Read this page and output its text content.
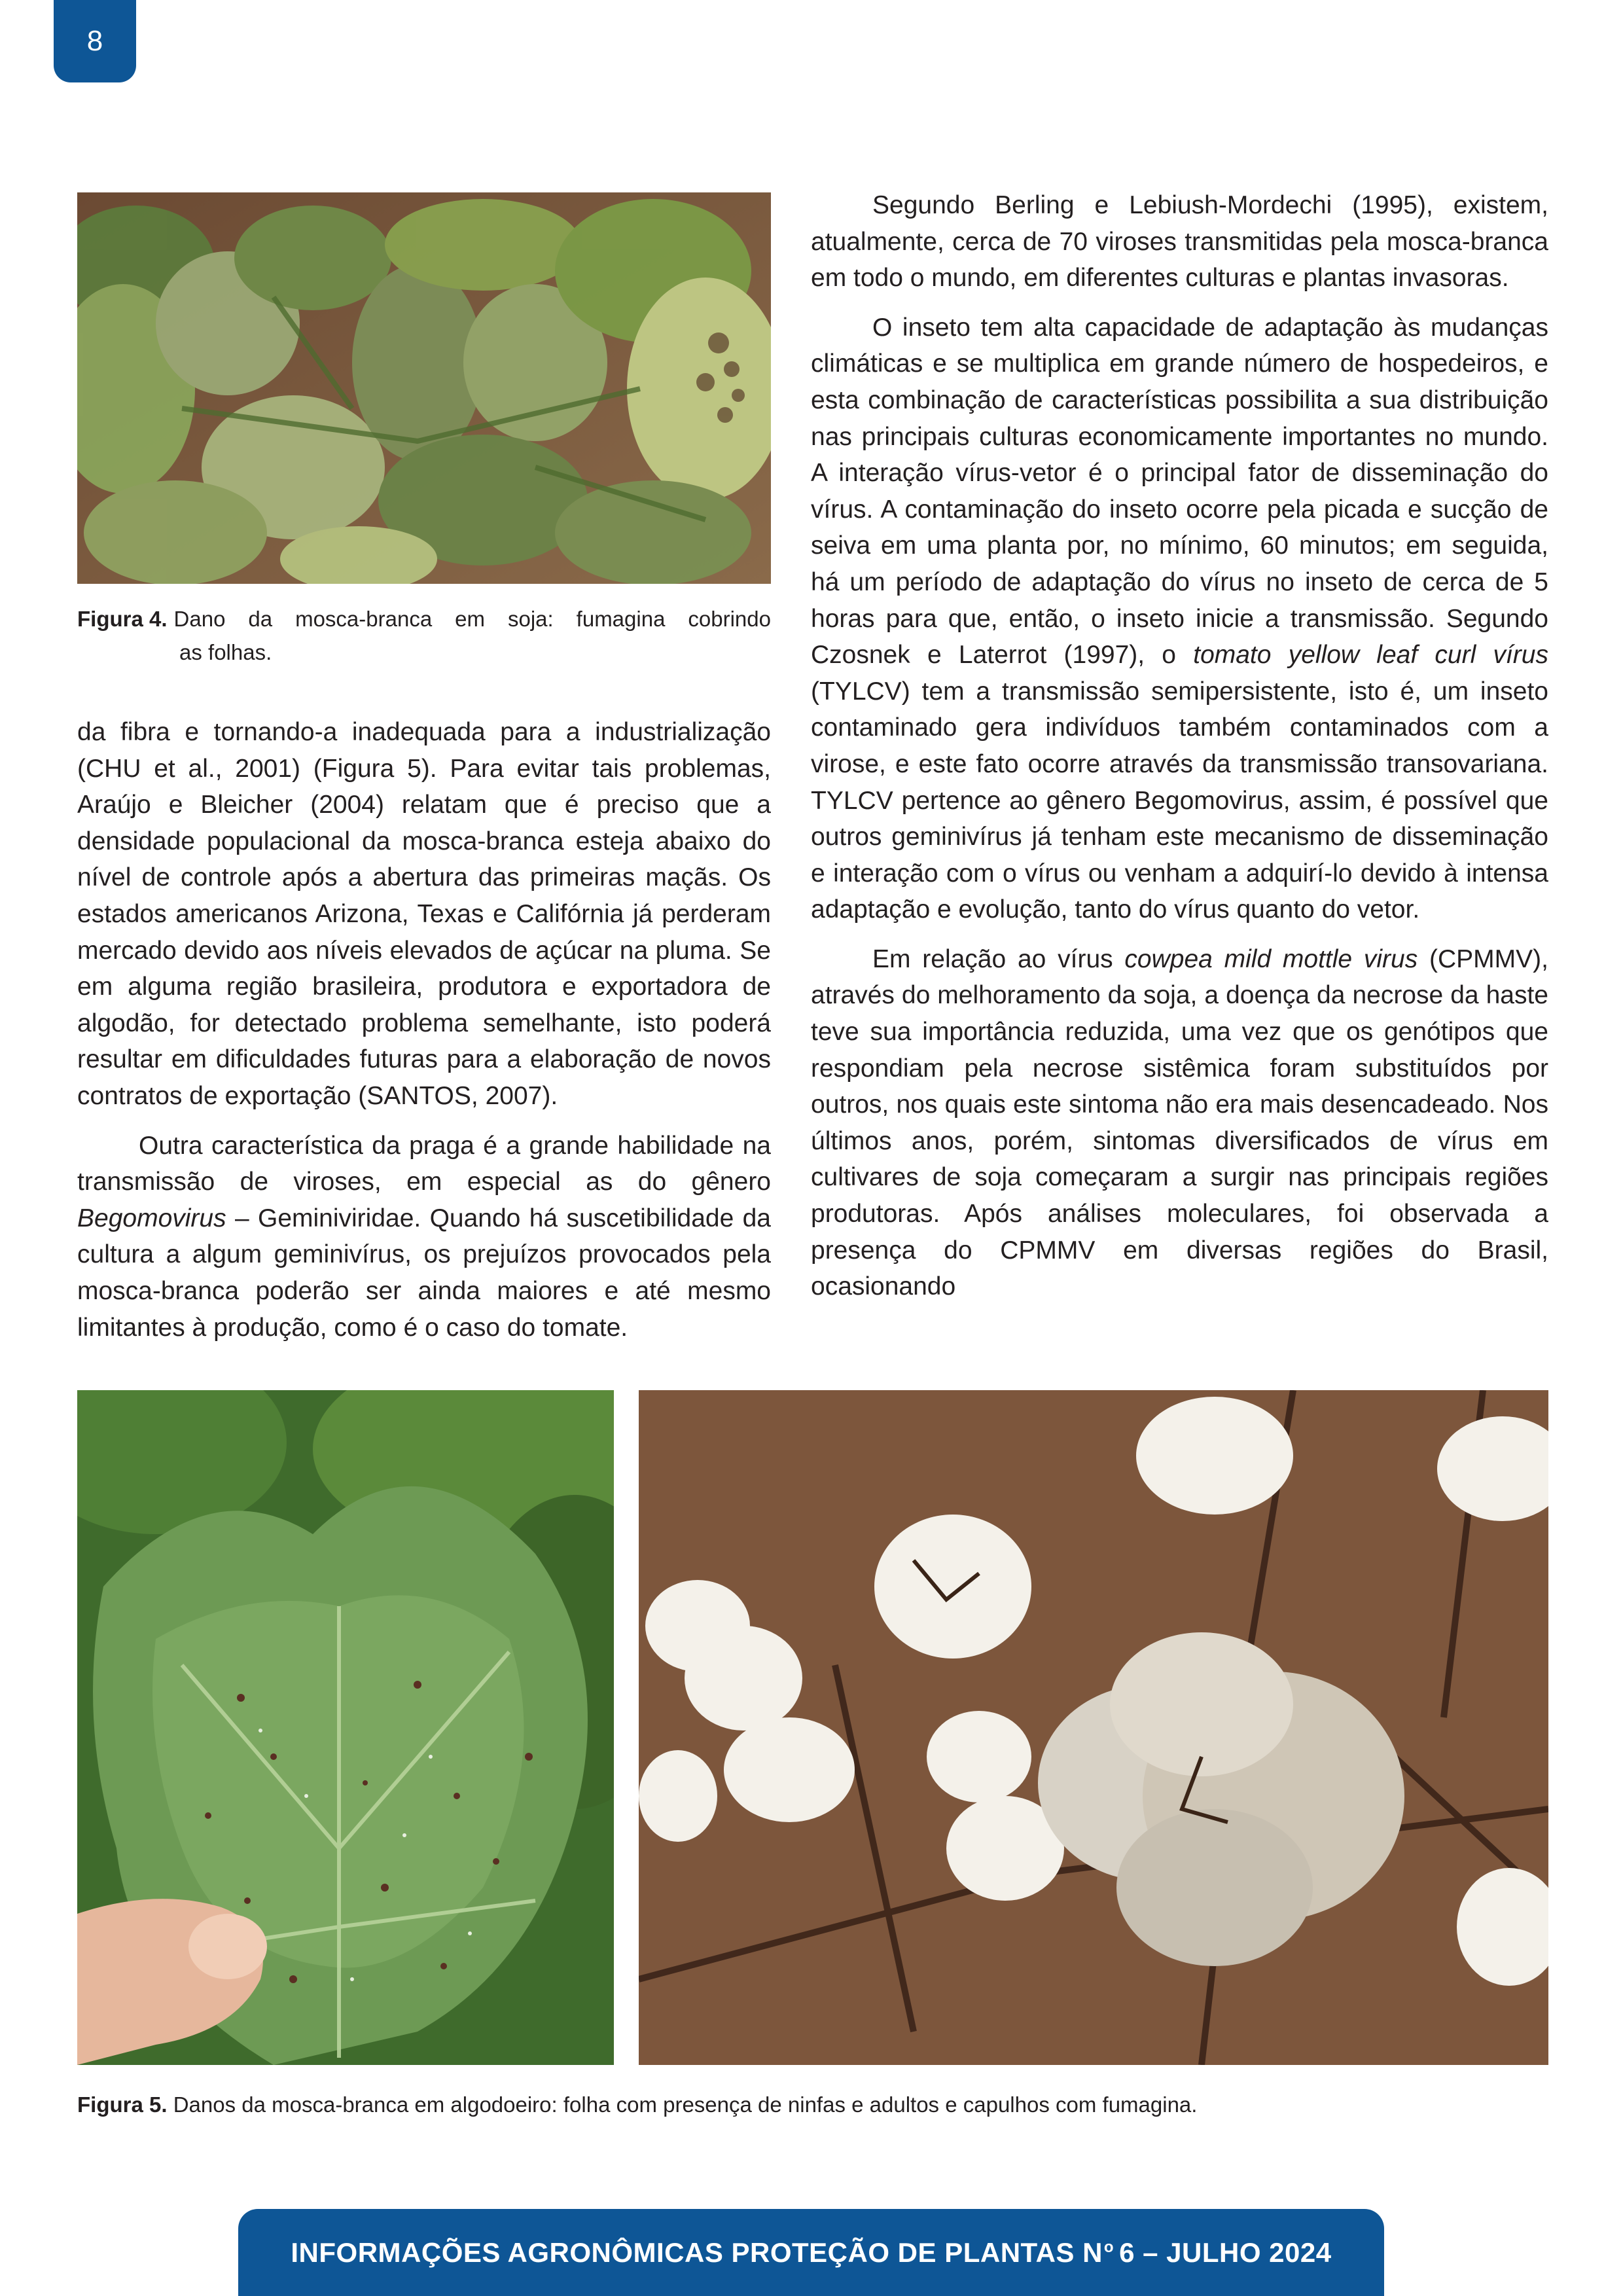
8
Figura 4. Dano da mosca-branca em soja: fumagina cobrindo
as folhas.

da fibra e tornando-a inadequada para a industrialização (CHU et al., 2001) (Figura 5). Para evitar tais problemas, Araújo e Bleicher (2004) relatam que é preciso que a densidade populacional da mosca-branca esteja abaixo do nível de controle após a abertura das primeiras maçãs. Os estados americanos Arizona, Texas e Califórnia já perderam mercado devido aos níveis elevados de açúcar na pluma. Se em alguma região brasileira, produtora e exportadora de algodão, for detectado problema semelhante, isto poderá resultar em dificuldades futuras para a elaboração de novos contratos de exportação (SANTOS, 2007).

Outra característica da praga é a grande habilidade na transmissão de viroses, em especial as do gênero Begomovirus – Geminiviridae. Quando há suscetibilidade da cultura a algum geminivírus, os prejuízos provocados pela mosca-branca poderão ser ainda maiores e até mesmo limitantes à produção, como é o caso do tomate.

Segundo Berling e Lebiush-Mordechi (1995), existem, atualmente, cerca de 70 viroses transmitidas pela mosca-branca em todo o mundo, em diferentes culturas e plantas invasoras.

O inseto tem alta capacidade de adaptação às mudanças climáticas e se multiplica em grande número de hospedeiros, e esta combinação de características possibilita a sua distribuição nas principais culturas economicamente importantes no mundo. A interação vírus-vetor é o principal fator de disseminação do vírus. A contaminação do inseto ocorre pela picada e sucção de seiva em uma planta por, no mínimo, 60 minutos; em seguida, há um período de adaptação do vírus no inseto de cerca de 5 horas para que, então, o inseto inicie a transmissão. Segundo Czosnek e Laterrot (1997), o tomato yellow leaf curl vírus (TYLCV) tem a transmissão semipersistente, isto é, um inseto contaminado gera indivíduos também contaminados com a virose, e este fato ocorre através da transmissão transovariana. TYLCV pertence ao gênero Begomovirus, assim, é possível que outros geminivírus já tenham este mecanismo de disseminação e interação com o vírus ou venham a adquirí-lo devido à intensa adaptação e evolução, tanto do vírus quanto do vetor.

Em relação ao vírus cowpea mild mottle virus (CPMMV), através do melhoramento da soja, a doença da necrose da haste teve sua importância reduzida, uma vez que os genótipos que respondiam pela necrose sistêmica foram substituídos por outros, nos quais este sintoma não era mais desencadeado. Nos últimos anos, porém, sintomas diversificados de vírus em cultivares de soja começaram a surgir nas principais regiões produtoras. Após análises moleculares, foi observada a presença do CPMMV em diversas regiões do Brasil, ocasionando

Figura 5. Danos da mosca-branca em algodoeiro: folha com presença de ninfas e adultos e capulhos com fumagina.
INFORMAÇÕES AGRONÔMICAS PROTEÇÃO DE PLANTAS $N^o$ 6 – JULHO 2024
